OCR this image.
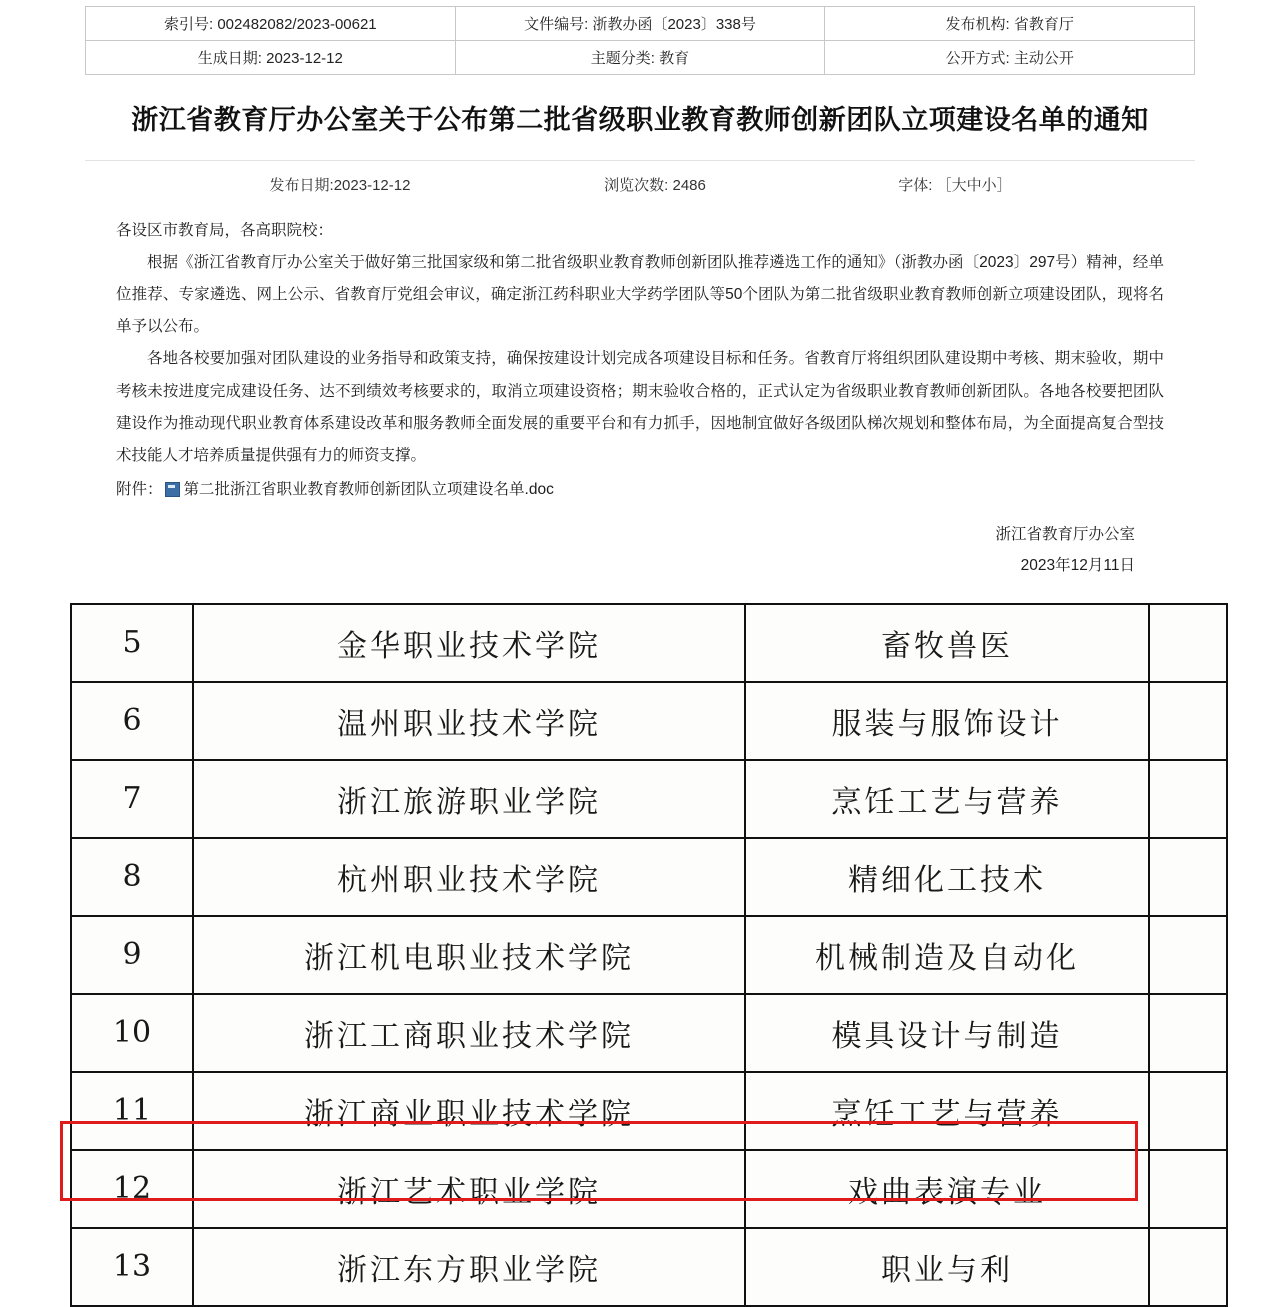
索引号: 002482082/2023-00621	文件编号: 浙教办函〔2023〕338号	发布机构: 省教育厅
生成日期: 2023-12-12	主题分类: 教育	公开方式: 主动公开
浙江省教育厅办公室关于公布第二批省级职业教育教师创新团队立项建设名单的通知
发布日期:2023-12-12	浏览次数: 2486	字体: ［大中小］

各设区市教育局，各高职院校：

根据《浙江省教育厅办公室关于做好第三批国家级和第二批省级职业教育教师创新团队推荐遴选工作的通知》（浙教办函〔2023〕297号）精神，经单位推荐、专家遴选、网上公示、省教育厅党组会审议，确定浙江药科职业大学药学团队等50个团队为第二批省级职业教育教师创新立项建设团队，现将名单予以公布。

各地各校要加强对团队建设的业务指导和政策支持，确保按建设计划完成各项建设目标和任务。省教育厅将组织团队建设期中考核、期末验收，期中考核未按进度完成建设任务、达不到绩效考核要求的，取消立项建设资格；期末验收合格的，正式认定为省级职业教育教师创新团队。各地各校要把团队建设作为推动现代职业教育体系建设改革和服务教师全面发展的重要平台和有力抓手，因地制宜做好各级团队梯次规划和整体布局，为全面提高复合型技术技能人才培养质量提供强有力的师资支撑。

附件： 第二批浙江省职业教育教师创新团队立项建设名单.doc
浙江省教育厅办公室
2023年12月11日
5	金华职业技术学院	畜牧兽医	
6	温州职业技术学院	服装与服饰设计	
7	浙江旅游职业学院	烹饪工艺与营养	
8	杭州职业技术学院	精细化工技术	
9	浙江机电职业技术学院	机械制造及自动化	
10	浙江工商职业技术学院	模具设计与制造	
11	浙江商业职业技术学院	烹饪工艺与营养	
12	浙江艺术职业学院	戏曲表演专业	
13	浙江东方职业学院	职业与利	
